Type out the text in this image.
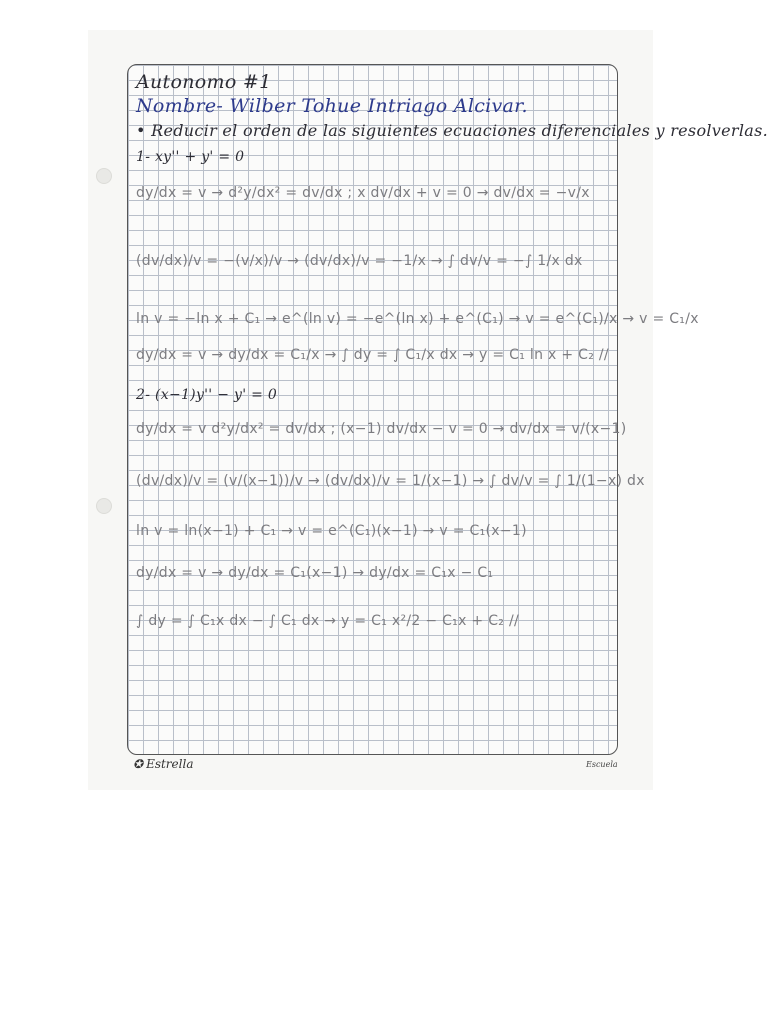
Autonomo #1
Nombre- Wilber Tohue Intriago Alcivar.
• Reducir el orden de las siguientes ecuaciones diferenciales y resolverlas.
1- xy'' + y' = 0
dy/dx = v → d²y/dx² = dv/dx ; x dv/dx + v = 0 → dv/dx = −v/x
(dv/dx)/v = −(v/x)/v → (dv/dx)/v = −1/x → ∫ dv/v = −∫ 1/x dx
ln v = −ln x + C₁ → e^(ln v) = −e^(ln x) + e^(C₁) → v = e^(C₁)/x → v = C₁/x
dy/dx = v → dy/dx = C₁/x → ∫ dy = ∫ C₁/x dx → y = C₁ ln x + C₂ //
2- (x−1)y'' − y' = 0
dy/dx = v d²y/dx² = dv/dx ; (x−1) dv/dx − v = 0 → dv/dx = v/(x−1)
(dv/dx)/v = (v/(x−1))/v → (dv/dx)/v = 1/(x−1) → ∫ dv/v = ∫ 1/(1−x) dx
ln v = ln(x−1) + C₁ → v = e^(C₁)(x−1) → v = C₁(x−1)
dy/dx = v → dy/dx = C₁(x−1) → dy/dx = C₁x − C₁
∫ dy = ∫ C₁x dx − ∫ C₁ dx → y = C₁ x²/2 − C₁x + C₂ //
✪ Estrella	Escuela
